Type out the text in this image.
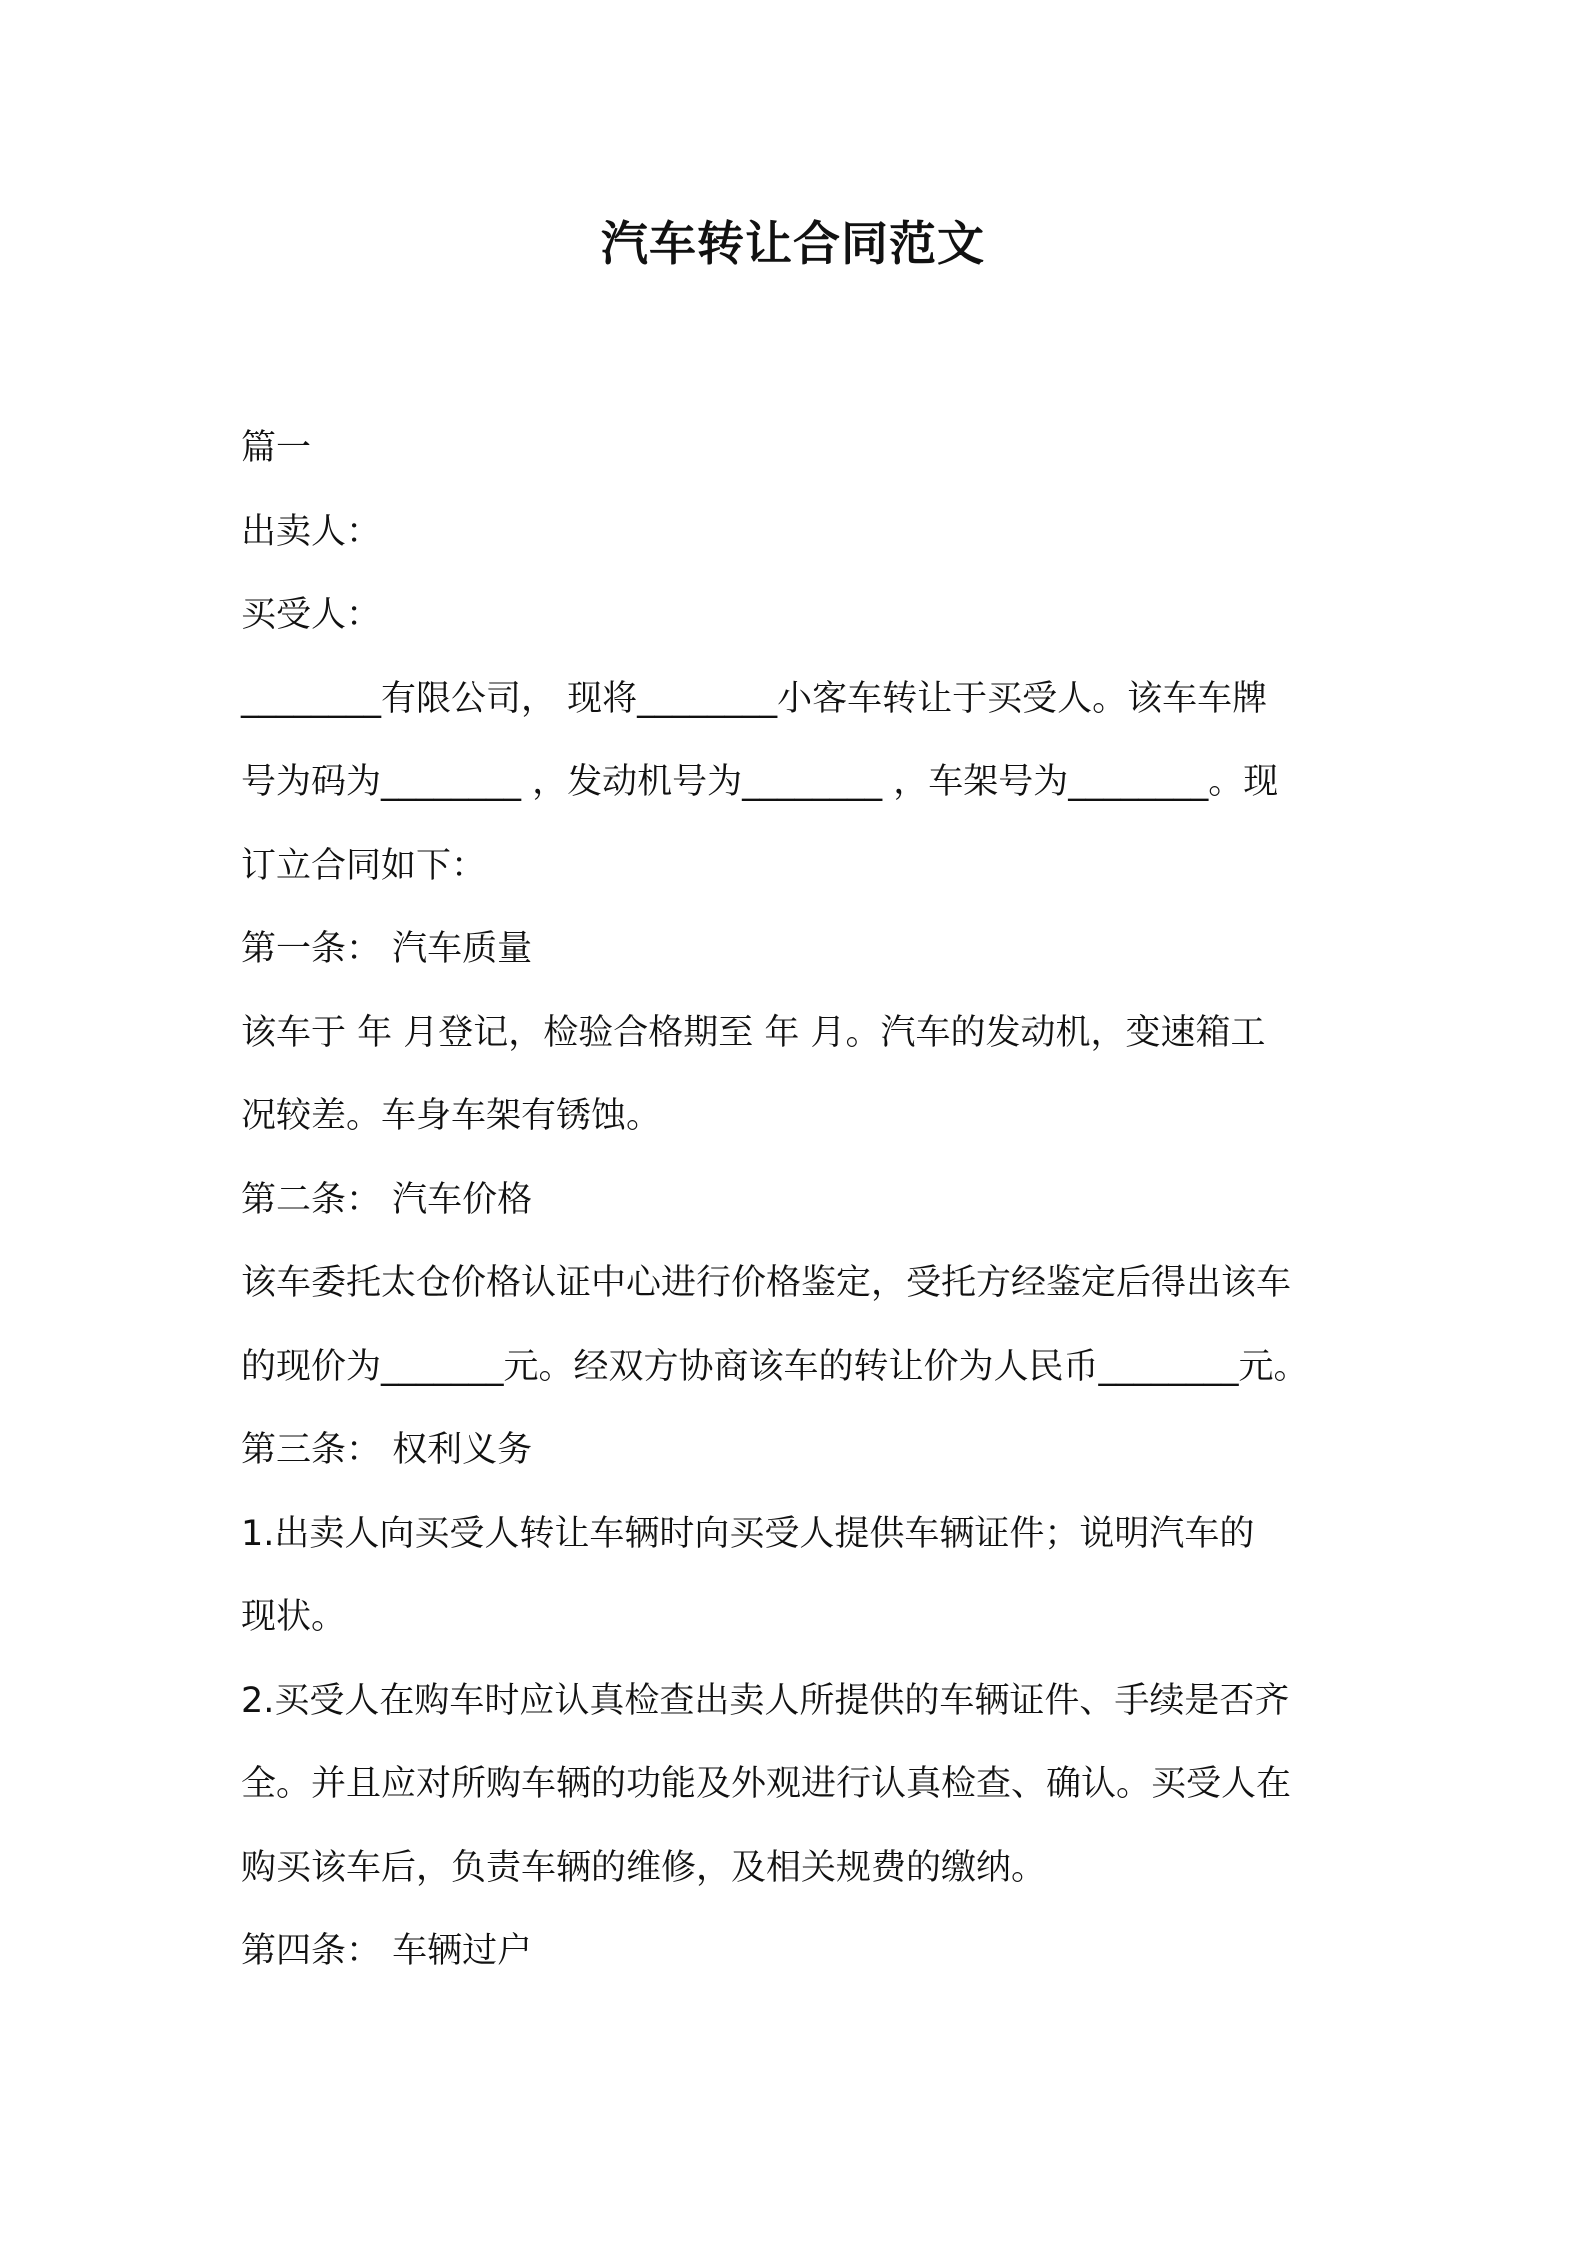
汽车转让合同范文
篇一
出卖人：
买受人：
________有限公司， 现将________小客车转让于买受人。该车车牌
号为码为________ ，发动机号为________ ，车架号为________。现
订立合同如下：
第一条： 汽车质量
该车于 年 月登记，检验合格期至 年 月。汽车的发动机，变速箱工
况较差。车身车架有锈蚀。
第二条： 汽车价格
该车委托太仓价格认证中心进行价格鉴定，受托方经鉴定后得出该车
的现价为_______元。经双方协商该车的转让价为人民币________元。
第三条： 权利义务
1.出卖人向买受人转让车辆时向买受人提供车辆证件；说明汽车的
现状。
2.买受人在购车时应认真检查出卖人所提供的车辆证件、手续是否齐
全。并且应对所购车辆的功能及外观进行认真检查、确认。买受人在
购买该车后，负责车辆的维修，及相关规费的缴纳。
第四条： 车辆过户
